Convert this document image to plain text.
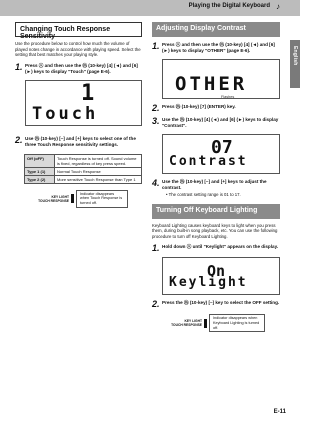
Playing the Digital Keyboard ♪
English
Changing Touch Response Sensitivity

Use the procedure below to control how much the volume of played notes change in accordance with playing speed. Select the setting that best matches your playing style.

1. Press ⓢ and then use the ⓜ (10-key) [4] (◄) and [6] (►) keys to display "Touch" (page E-6).
1
Touch
2. Use ⓜ (10-key) [–] and [+] keys to select one of the three Touch Response sensitivity settings.
Off (oFF)	Touch Response is turned off. Sound volume is fixed, regardless of key press speed.
Type 1 (1)	Normal Touch Response
Type 2 (2)	More sensitive Touch Response than Type 1
KEY LIGHT
TOUCH RESPONSE
Indicator disappears when Touch Response is turned off.
Adjusting Display Contrast
1. Press ⓢ and then use the ⓜ (10-key) [4] (◄) and [6] (►) keys to display "OTHER" (page E-6).
OTHER
Flashes
2. Press ⓜ (10-key) [7] (ENTER) key.
3. Use the ⓜ (10-key) [4] (◄) and [6] (►) keys to display "Contrast".
07
Contrast
4. Use the ⓜ (10-key) [–] and [+] keys to adjust the contrast.

• The contrast setting range is 01 to 17.

Turning Off Keyboard Lighting

Keyboard Lighting causes keyboard keys to light when you press them, during built-in song playback, etc. You can use the following procedure to turn off Keyboard Lighting.

1. Hold down ⓢ until "Keylight" appears on the display.
On
Keylight
2. Press the ⓜ (10-key) [–] key to select the OFF setting.
KEY LIGHT
TOUCH RESPONSE
Indicator disappears when Keyboard Lighting is turned off.
E-11
